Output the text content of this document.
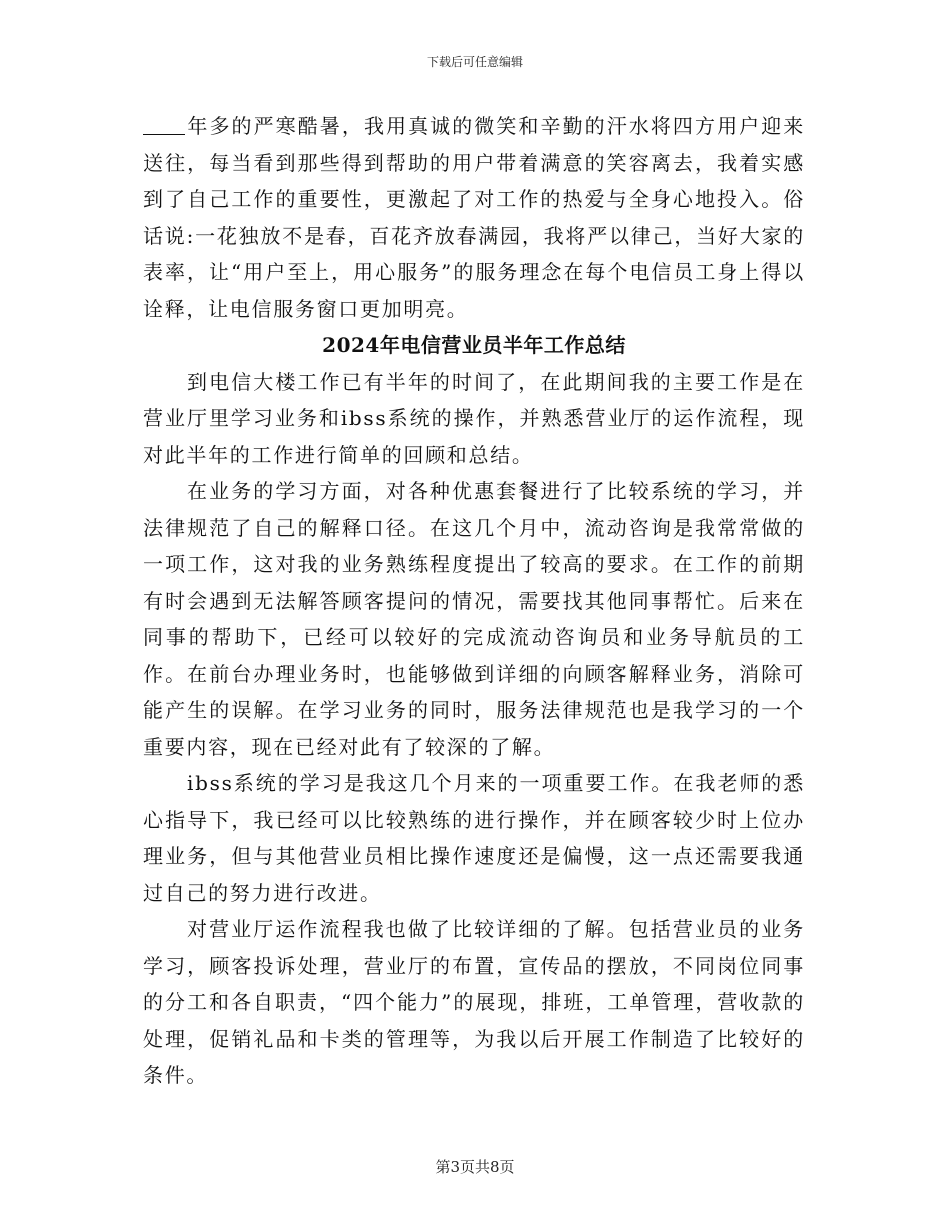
下载后可任意编辑

年多的严寒酷暑，我用真诚的微笑和辛勤的汗水将四方用户迎来送往，每当看到那些得到帮助的用户带着满意的笑容离去，我着实感到了自己工作的重要性，更激起了对工作的热爱与全身心地投入。俗话说:一花独放不是春，百花齐放春满园，我将严以律己，当好大家的表率，让“用户至上，用心服务”的服务理念在每个电信员工身上得以诠释，让电信服务窗口更加明亮。

2024年电信营业员半年工作总结

到电信大楼工作已有半年的时间了，在此期间我的主要工作是在营业厅里学习业务和ibss系统的操作，并熟悉营业厅的运作流程，现对此半年的工作进行简单的回顾和总结。

在业务的学习方面，对各种优惠套餐进行了比较系统的学习，并法律规范了自己的解释口径。在这几个月中，流动咨询是我常常做的一项工作，这对我的业务熟练程度提出了较高的要求。在工作的前期有时会遇到无法解答顾客提问的情况，需要找其他同事帮忙。后来在同事的帮助下，已经可以较好的完成流动咨询员和业务导航员的工作。在前台办理业务时，也能够做到详细的向顾客解释业务，消除可能产生的误解。在学习业务的同时，服务法律规范也是我学习的一个重要内容，现在已经对此有了较深的了解。

ibss系统的学习是我这几个月来的一项重要工作。在我老师的悉心指导下，我已经可以比较熟练的进行操作，并在顾客较少时上位办理业务，但与其他营业员相比操作速度还是偏慢，这一点还需要我通过自己的努力进行改进。

对营业厅运作流程我也做了比较详细的了解。包括营业员的业务学习，顾客投诉处理，营业厅的布置，宣传品的摆放，不同岗位同事的分工和各自职责，“四个能力”的展现，排班，工单管理，营收款的处理，促销礼品和卡类的管理等，为我以后开展工作制造了比较好的条件。

第3页共8页
